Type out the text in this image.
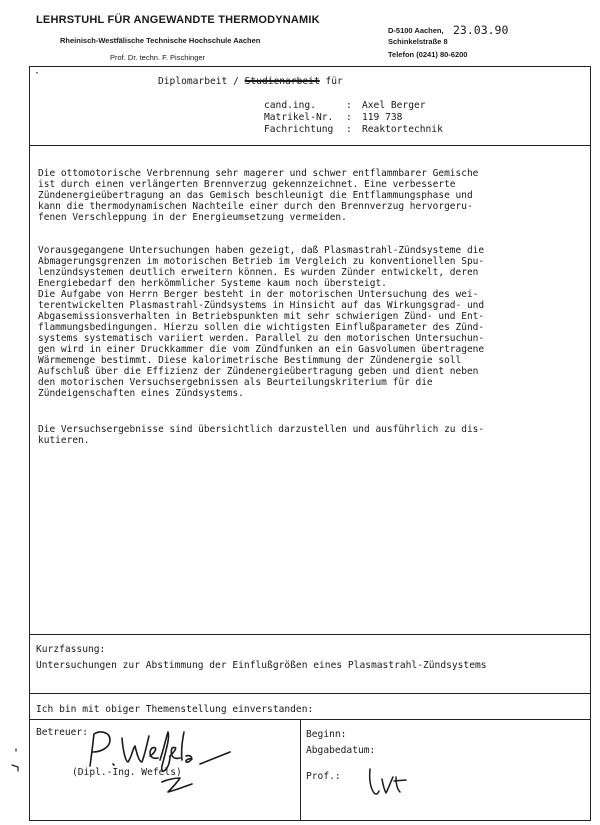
LEHRSTUHL FÜR ANGEWANDTE THERMODYNAMIK
Rheinisch-Westfälische Technische Hochschule Aachen
Prof. Dr. techn. F. Pischinger
D-5100 Aachen, 23.03.90
Schinkelstraße 8
Telefon (0241) 80-6200
·
Diplomarbeit / Studienarbeit für
cand.ing.	: Axel Berger
Matrikel-Nr. : 119 738
Fachrichtung : Reaktortechnik
Die ottomotorische Verbrennung sehr magerer und schwer entflammbarer Gemische
ist durch einen verlängerten Brennverzug gekennzeichnet. Eine verbesserte
Zündenergieübertragung an das Gemisch beschleunigt die Entflammungsphase und
kann die thermodynamischen Nachteile einer durch den Brennverzug hervorgeru-
fenen Verschleppung in der Energieumsetzung vermeiden.
Vorausgegangene Untersuchungen haben gezeigt, daß Plasmastrahl-Zündsysteme die
Abmagerungsgrenzen im motorischen Betrieb im Vergleich zu konventionellen Spu-
lenzündsystemen deutlich erweitern können. Es wurden Zünder entwickelt, deren
Energiebedarf den herkömmlicher Systeme kaum noch übersteigt.
Die Aufgabe von Herrn Berger besteht in der motorischen Untersuchung des wei-
terentwickelten Plasmastrahl-Zündsystems in Hinsicht auf das Wirkungsgrad- und
Abgasemissionsverhalten in Betriebspunkten mit sehr schwierigen Zünd- und Ent-
flammungsbedingungen. Hierzu sollen die wichtigsten Einflußparameter des Zünd-
systems systematisch variiert werden. Parallel zu den motorischen Untersuchun-
gen wird in einer Druckkammer die vom Zündfunken an ein Gasvolumen übertragene
Wärmemenge bestimmt. Diese kalorimetrische Bestimmung der Zündenergie soll
Aufschluß über die Effizienz der Zündenergieübertragung geben und dient neben
den motorischen Versuchsergebnissen als Beurteilungskriterium für die
Zündeigenschaften eines Zündsystems.
Die Versuchsergebnisse sind übersichtlich darzustellen und ausführlich zu dis-
kutieren.
Kurzfassung:
Untersuchungen zur Abstimmung der Einflußgrößen eines Plasmastrahl-Zündsystems
Ich bin mit obiger Themenstellung einverstanden:
Betreuer:
(Dipl.-Ing. Wefels)
Beginn:
Abgabedatum:
Prof.:
